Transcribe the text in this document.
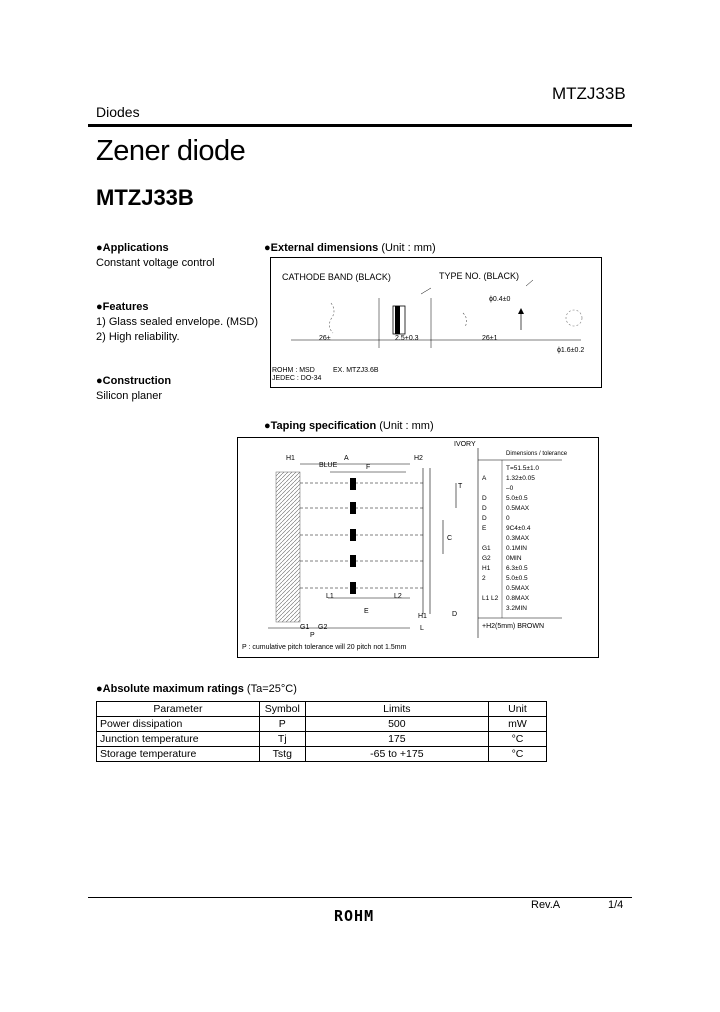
MTZJ33B
Diodes
Zener diode
MTZJ33B
●Applications
Constant voltage control
●Features
1) Glass sealed envelope. (MSD)
2) High reliability.
●Construction
Silicon planer
●External dimensions (Unit : mm)
CATHODE BAND (BLACK)	TYPE NO. (BLACK)
ϕ0.4±0
26±	2.5+0.3	26±1
ϕ1.6±0.2
ROHM : MSD	EX. MTZJ3.6B
JEDEC : DO-34
●Taping specification (Unit : mm)
IVORY
BLUE
H1	A	H2
F
T
C
L1	L2
E
H1	D
L
G1 G2
P
Dimensions / tolerance
T=51.5±1.0
A	1.32±0.05
–0
D	5.0±0.5
D	0.5MAX
D	0
E	9C4±0.4
0.3MAX
G1 0.1MIN
G2 0MIN
H1 6.3±0.5
2	5.0±0.5
0.5MAX
L1 L2 0.8MAX
3.2MIN
+H2(5mm) BROWN
P : cumulative pitch tolerance will 20 pitch not 1.5mm
●Absolute maximum ratings (Ta=25°C)
Parameter	Symbol	Limits	Unit
Power dissipation	P	500	mW
Junction temperature	Tj	175	°C
Storage temperature	Tstg	-65 to +175	°C
Rev.A	1/4
ROHM
